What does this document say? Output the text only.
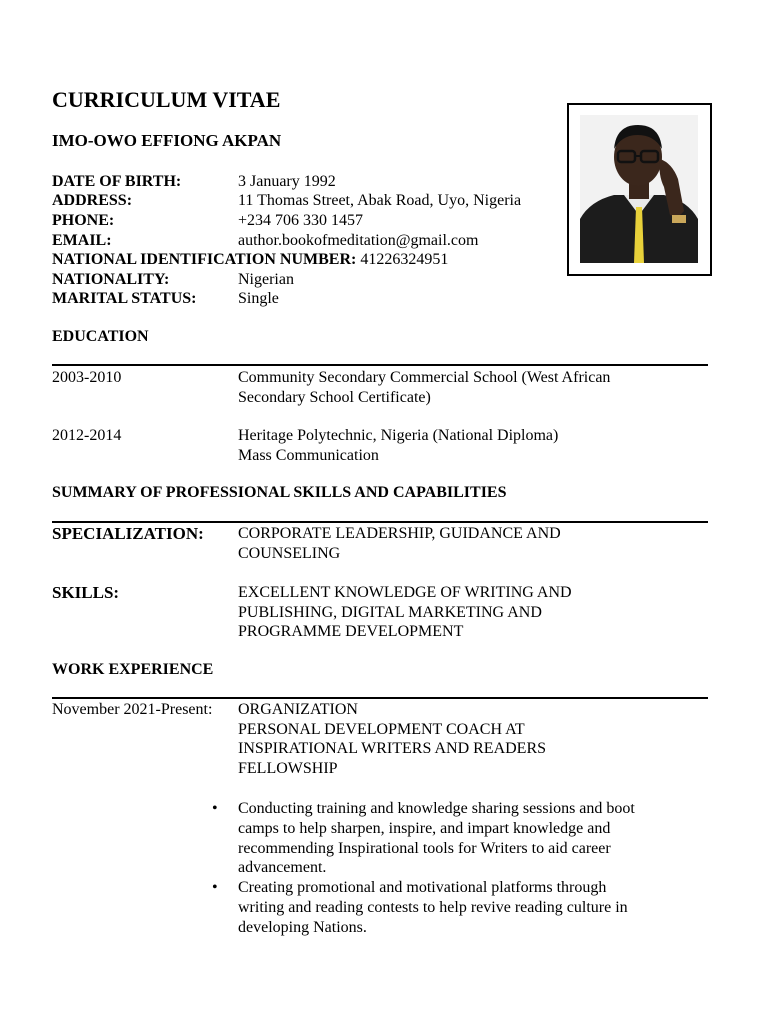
CURRICULUM VITAE
IMO-OWO EFFIONG AKPAN
DATE OF BIRTH:	3 January 1992
ADDRESS:	11 Thomas Street, Abak Road, Uyo, Nigeria
PHONE:	+234 706 330 1457
EMAIL:	author.bookofmeditation@gmail.com
NATIONAL IDENTIFICATION NUMBER: 41226324951
NATIONALITY:	Nigerian
MARITAL STATUS:	Single
EDUCATION
2003-2010	Community Secondary Commercial School (West African
Secondary School Certificate)
2012-2014	Heritage Polytechnic, Nigeria (National Diploma)
Mass Communication
SUMMARY OF PROFESSIONAL SKILLS AND CAPABILITIES
SPECIALIZATION: CORPORATE LEADERSHIP, GUIDANCE AND
COUNSELING
SKILLS:	EXCELLENT KNOWLEDGE OF WRITING AND
PUBLISHING, DIGITAL MARKETING AND
PROGRAMME DEVELOPMENT
WORK EXPERIENCE
November 2021-Present: ORGANIZATION
PERSONAL DEVELOPMENT COACH AT
INSPIRATIONAL WRITERS AND READERS
FELLOWSHIP
• Conducting training and knowledge sharing sessions and boot
camps to help sharpen, inspire, and impart knowledge and
recommending Inspirational tools for Writers to aid career
advancement.
• Creating promotional and motivational platforms through
writing and reading contests to help revive reading culture in
developing Nations.
